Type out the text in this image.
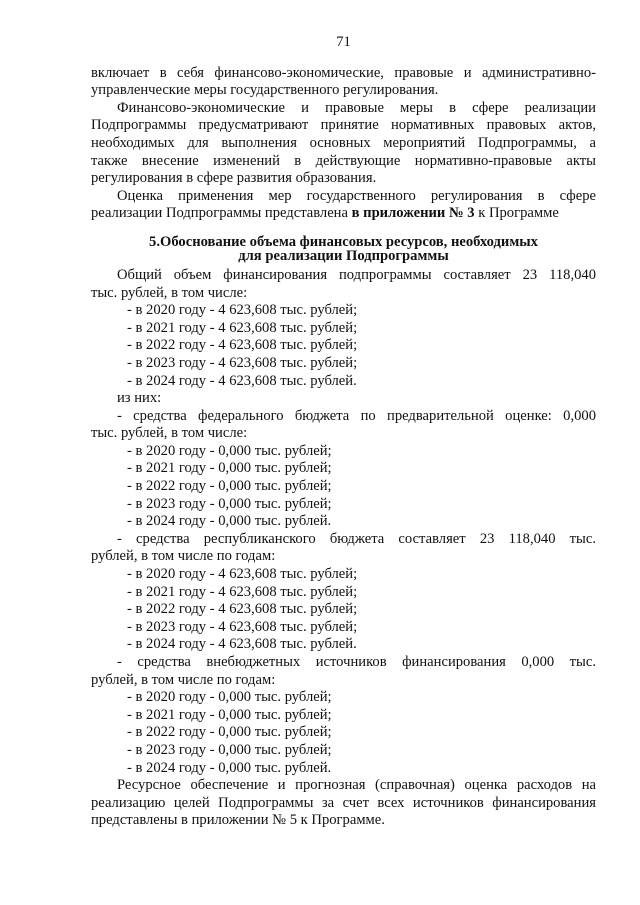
71
включает в себя финансово-экономические, правовые и административно-
управленческие меры государственного регулирования.
Финансово-экономические и правовые меры в сфере реализации
Подпрограммы предусматривают принятие нормативных правовых актов,
необходимых для выполнения основных мероприятий Подпрограммы, а
также внесение изменений в действующие нормативно-правовые акты
регулирования в сфере развития образования.
Оценка применения мер государственного регулирования в сфере
реализации Подпрограммы представлена в приложении № 3 к Программе
5.Обоснование объема финансовых ресурсов, необходимых
для реализации Подпрограммы
Общий объем финансирования подпрограммы составляет 23 118,040
тыс. рублей, в том числе:
- в 2020 году - 4 623,608 тыс. рублей;
- в 2021 году - 4 623,608 тыс. рублей;
- в 2022 году - 4 623,608 тыс. рублей;
- в 2023 году - 4 623,608 тыс. рублей;
- в 2024 году - 4 623,608 тыс. рублей.
из них:
- средства федерального бюджета по предварительной оценке: 0,000
тыс. рублей, в том числе:
- в 2020 году - 0,000 тыс. рублей;
- в 2021 году - 0,000 тыс. рублей;
- в 2022 году - 0,000 тыс. рублей;
- в 2023 году - 0,000 тыс. рублей;
- в 2024 году - 0,000 тыс. рублей.
- средства республиканского бюджета составляет 23 118,040 тыс.
рублей, в том числе по годам:
- в 2020 году - 4 623,608 тыс. рублей;
- в 2021 году - 4 623,608 тыс. рублей;
- в 2022 году - 4 623,608 тыс. рублей;
- в 2023 году - 4 623,608 тыс. рублей;
- в 2024 году - 4 623,608 тыс. рублей.
- средства внебюджетных источников финансирования 0,000 тыс.
рублей, в том числе по годам:
- в 2020 году - 0,000 тыс. рублей;
- в 2021 году - 0,000 тыс. рублей;
- в 2022 году - 0,000 тыс. рублей;
- в 2023 году - 0,000 тыс. рублей;
- в 2024 году - 0,000 тыс. рублей.
Ресурсное обеспечение и прогнозная (справочная) оценка расходов на
реализацию целей Подпрограммы за счет всех источников финансирования
представлены в приложении № 5 к Программе.
